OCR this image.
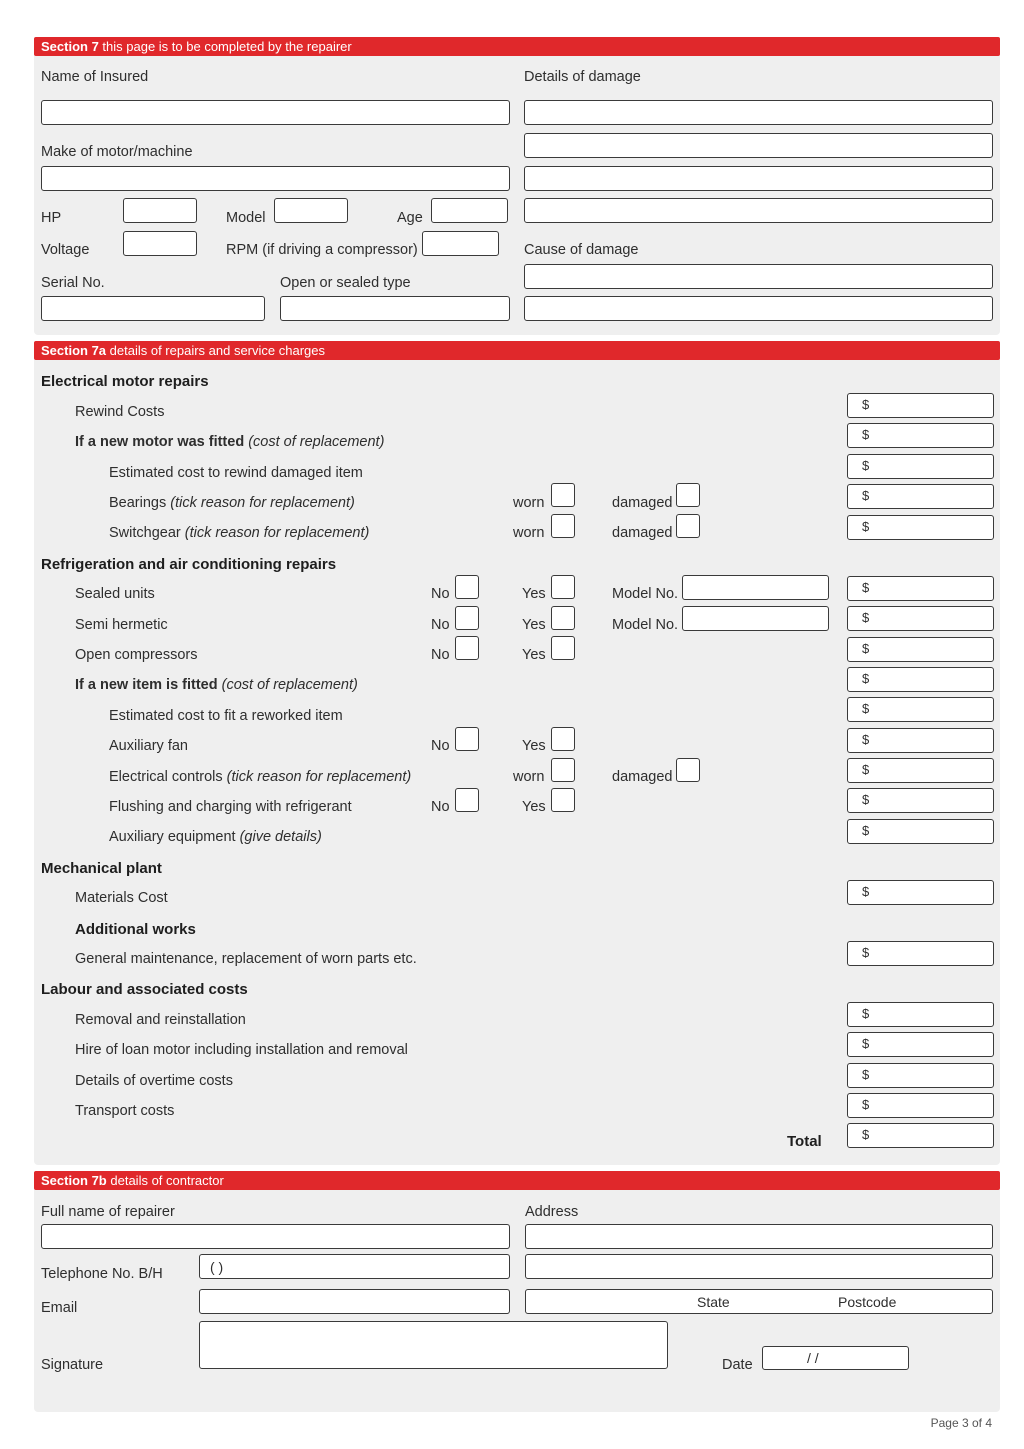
Section 7 this page is to be completed by the repairer
Name of Insured	Details of damage
Make of motor/machine
HP	Model	Age
Voltage	RPM (if driving a compressor)	Cause of damage
Serial No.	Open or sealed type
Section 7a details of repairs and service charges
Electrical motor repairs
Rewind Costs	$
If a new motor was fitted (cost of replacement)	$
Estimated cost to rewind damaged item	$
Bearings (tick reason for replacement)	worn	damaged	$
Switchgear (tick reason for replacement)	worn	damaged	$
Refrigeration and air conditioning repairs
Sealed units	No	Yes	Model No.	$
Semi hermetic	No	Yes	Model No.	$
Open compressors	No	Yes	$
If a new item is fitted (cost of replacement)	$
Estimated cost to fit a reworked item	$
Auxiliary fan	No	Yes	$
Electrical controls (tick reason for replacement)	worn	damaged	$
Flushing and charging with refrigerant	No	Yes	$
Auxiliary equipment (give details)	$
Mechanical plant
Materials Cost	$
Additional works
General maintenance, replacement of worn parts etc.	$
Labour and associated costs
Removal and reinstallation	$
Hire of loan motor including installation and removal	$
Details of overtime costs	$
Transport costs	$
Total	$
Section 7b details of contractor
Full name of repairer	Address
Telephone No. B/H	( )
Email	State	Postcode
Signature	Date	/ /
Page 3 of 4
